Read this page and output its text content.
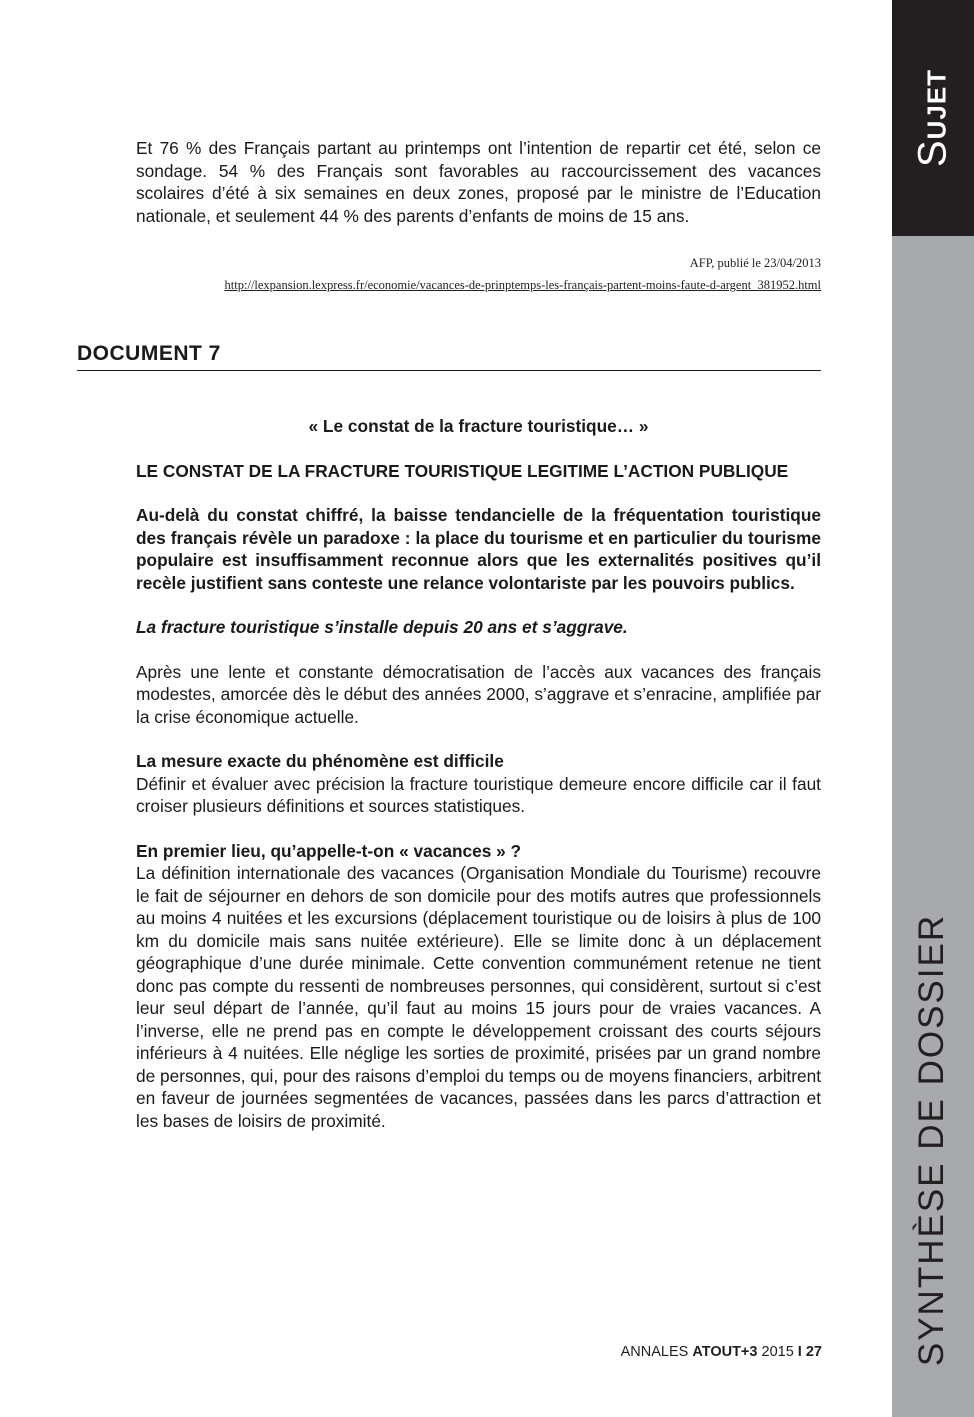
SUJET
SYNTHÈSE DE DOSSIER

Et 76 % des Français partant au printemps ont l’intention de repartir cet été, selon ce sondage. 54 % des Français sont favorables au raccourcissement des vacances scolaires d’été à six semaines en deux zones, proposé par le ministre de l’Education nationale, et seulement 44 % des parents d’enfants de moins de 15 ans.

AFP, publié le 23/04/2013
http://lexpansion.lexpress.fr/economie/vacances-de-prinptemps-les-français-partent-moins-faute-d-argent_381952.html
DOCUMENT 7

« Le constat de la fracture touristique… »

LE CONSTAT DE LA FRACTURE TOURISTIQUE LEGITIME L’ACTION PUBLIQUE

Au-delà du constat chiffré, la baisse tendancielle de la fréquentation touristique des français révèle un paradoxe : la place du tourisme et en particulier du tourisme populaire est insuffisamment reconnue alors que les externalités positives qu’il recèle justifient sans conteste une relance volontariste par les pouvoirs publics.

La fracture touristique s’installe depuis 20 ans et s’aggrave.

Après une lente et constante démocratisation de l’accès aux vacances des français modestes, amorcée dès le début des années 2000, s’aggrave et s’enracine, amplifiée par la crise économique actuelle.

La mesure exacte du phénomène est difficile

Définir et évaluer avec précision la fracture touristique demeure encore difficile car il faut croiser plusieurs définitions et sources statistiques.

En premier lieu, qu’appelle-t-on « vacances » ?

La définition internationale des vacances (Organisation Mondiale du Tourisme) recouvre le fait de séjourner en dehors de son domicile pour des motifs autres que professionnels au moins 4 nuitées et les excursions (déplacement touristique ou de loisirs à plus de 100 km du domicile mais sans nuitée extérieure). Elle se limite donc à un déplacement géographique d’une durée minimale. Cette convention communément retenue ne tient donc pas compte du ressenti de nombreuses personnes, qui considèrent, surtout si c’est leur seul départ de l’année, qu’il faut au moins 15 jours pour de vraies vacances. A l’inverse, elle ne prend pas en compte le développement croissant des courts séjours inférieurs à 4 nuitées. Elle néglige les sorties de proximité, prisées par un grand nombre de personnes, qui, pour des raisons d’emploi du temps ou de moyens financiers, arbitrent en faveur de journées segmentées de vacances, passées dans les parcs d’attraction et les bases de loisirs de proximité.

ANNALES ATOUT+3 2015 I 27
